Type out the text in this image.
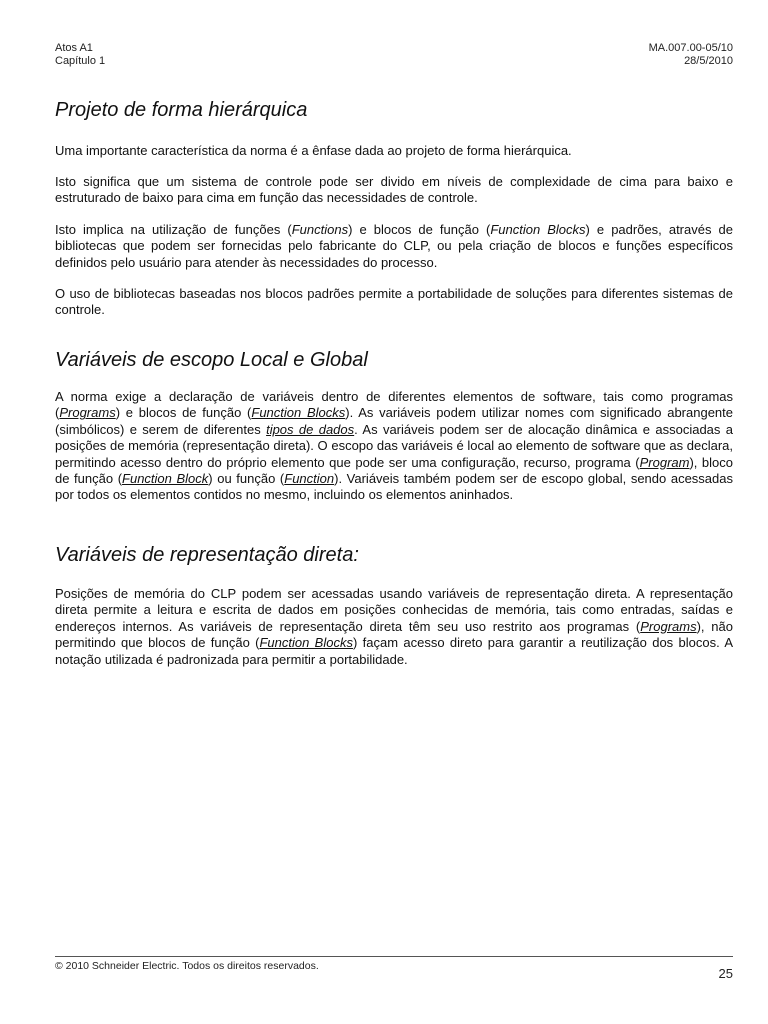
Atos A1
Capítulo 1
MA.007.00-05/10
28/5/2010
Projeto de forma hierárquica

Uma importante característica da norma é a ênfase dada ao projeto de forma hierárquica.

Isto significa que um sistema de controle pode ser divido em níveis de complexidade de cima para baixo e estruturado de baixo para cima em função das necessidades de controle.

Isto implica na utilização de funções (Functions) e blocos de função (Function Blocks) e padrões, através de bibliotecas que podem ser fornecidas pelo fabricante do CLP, ou pela criação de blocos e funções específicos definidos pelo usuário para atender às necessidades do processo.

O uso de bibliotecas baseadas nos blocos padrões permite a portabilidade de soluções para diferentes sistemas de controle.

Variáveis de escopo Local e Global

A norma exige a declaração de variáveis dentro de diferentes elementos de software, tais como programas (Programs) e blocos de função (Function Blocks). As variáveis podem utilizar nomes com significado abrangente (simbólicos) e serem de diferentes tipos de dados. As variáveis podem ser de alocação dinâmica e associadas a posições de memória (representação direta). O escopo das variáveis é local ao elemento de software que as declara, permitindo acesso dentro do próprio elemento que pode ser uma configuração, recurso, programa (Program), bloco de função (Function Block) ou função (Function). Variáveis também podem ser de escopo global, sendo acessadas por todos os elementos contidos no mesmo, incluindo os elementos aninhados.

Variáveis de representação direta:

Posições de memória do CLP podem ser acessadas usando variáveis de representação direta. A representação direta permite a leitura e escrita de dados em posições conhecidas de memória, tais como entradas, saídas e endereços internos. As variáveis de representação direta têm seu uso restrito aos programas (Programs), não permitindo que blocos de função (Function Blocks) façam acesso direto para garantir a reutilização dos blocos. A notação utilizada é padronizada para permitir a portabilidade.

© 2010 Schneider Electric. Todos os direitos reservados.	25
